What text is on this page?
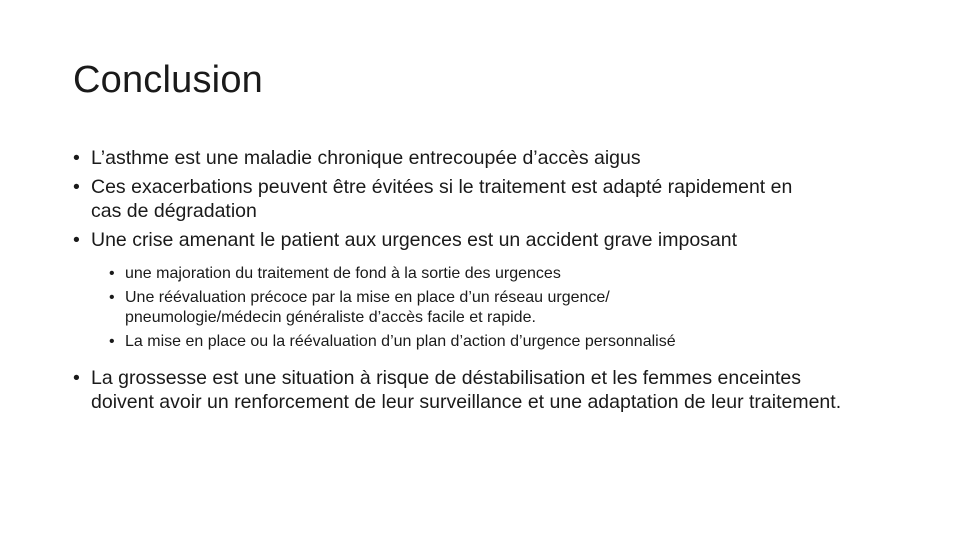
Conclusion
• L’asthme est une maladie chronique entrecoupée d’accès aigus
• Ces exacerbations peuvent être évitées si le traitement est adapté rapidement en cas de dégradation
• Une crise amenant le patient aux urgences est un accident grave imposant
• une majoration du traitement de fond à la sortie des urgences
• Une réévaluation précoce par la mise en place d’un réseau urgence/ pneumologie/médecin généraliste d’accès facile et rapide.
• La mise en place ou la réévaluation d’un plan d’action d’urgence personnalisé
• La grossesse est une situation à risque de déstabilisation et les femmes enceintes doivent avoir un renforcement de leur surveillance et une adaptation de leur traitement.
